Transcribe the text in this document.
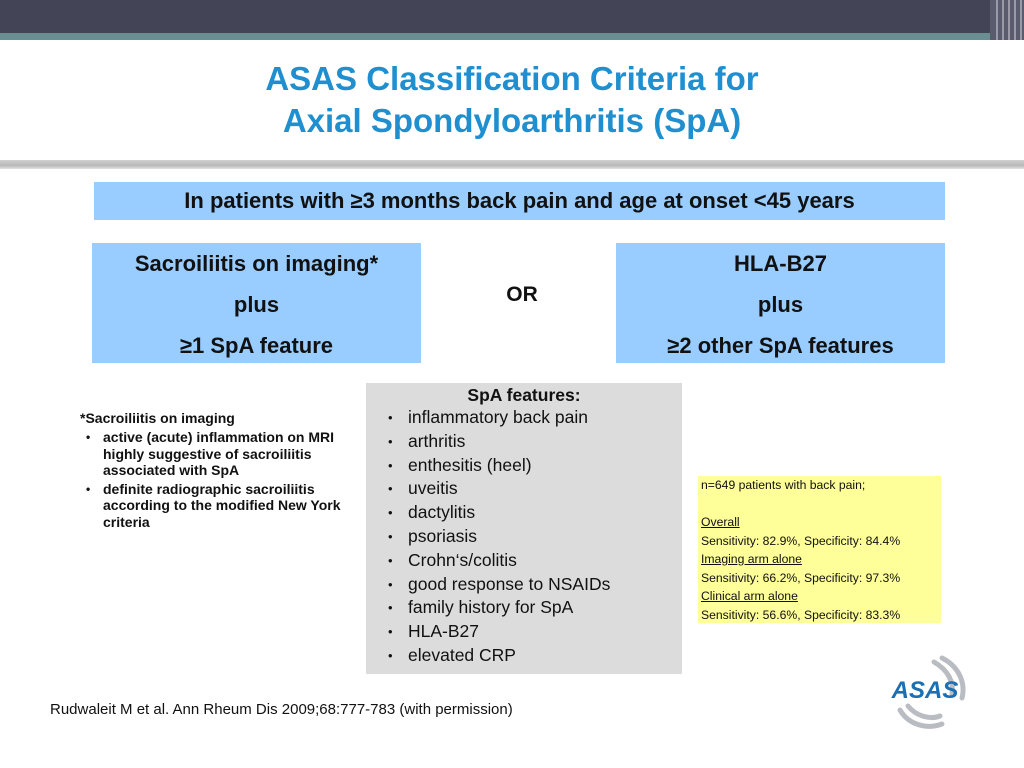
ASAS Classification Criteria for
Axial Spondyloarthritis (SpA)
In patients with ≥3 months back pain and age at onset <45 years
Sacroiliitis on imaging*
plus
≥1 SpA feature
OR
HLA-B27
plus
≥2 other SpA features
*Sacroiliitis on imaging
• active (acute) inflammation on MRI highly suggestive of sacroiliitis associated with SpA
• definite radiographic sacroiliitis according to the modified New York criteria
SpA features:
• inflammatory back pain
• arthritis
• enthesitis (heel)
• uveitis
• dactylitis
• psoriasis
• Crohn‘s/colitis
• good response to NSAIDs
• family history for SpA
• HLA-B27
• elevated CRP
n=649 patients with back pain;
Overall
Sensitivity: 82.9%, Specificity: 84.4%
Imaging arm alone
Sensitivity: 66.2%, Specificity: 97.3%
Clinical arm alone
Sensitivity: 56.6%, Specificity: 83.3%
Rudwaleit M et al. Ann Rheum Dis 2009;68:777-783 (with permission)
ASAS
